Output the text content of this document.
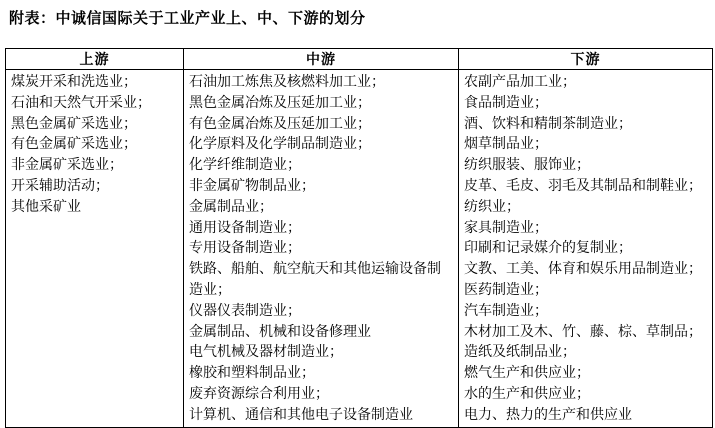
附表：中诚信国际关于工业产业上、中、下游的划分
上游	中游	下游

煤炭开采和洗选业；
石油和天然气开采业；
黑色金属矿采选业；
有色金属矿采选业；
非金属矿采选业；
开采辅助活动；
其他采矿业

石油加工炼焦及核燃料加工业；
黑色金属冶炼及压延加工业；
有色金属冶炼及压延加工业；
化学原料及化学制品制造业；
化学纤维制造业；
非金属矿物制品业；
金属制品业；
通用设备制造业；
专用设备制造业；
铁路、船舶、航空航天和其他运输设备制造业；
仪器仪表制造业；
金属制品、机械和设备修理业
电气机械及器材制造业；
橡胶和塑料制品业；
废弃资源综合利用业；
计算机、通信和其他电子设备制造业

农副产品加工业；
食品制造业；
酒、饮料和精制茶制造业；
烟草制品业；
纺织服装、服饰业；
皮革、毛皮、羽毛及其制品和制鞋业；
纺织业；
家具制造业；
印刷和记录媒介的复制业；
文教、工美、体育和娱乐用品制造业；
医药制造业；
汽车制造业；
木材加工及木、竹、藤、棕、草制品；
造纸及纸制品业；
燃气生产和供应业；
水的生产和供应业；
电力、热力的生产和供应业
